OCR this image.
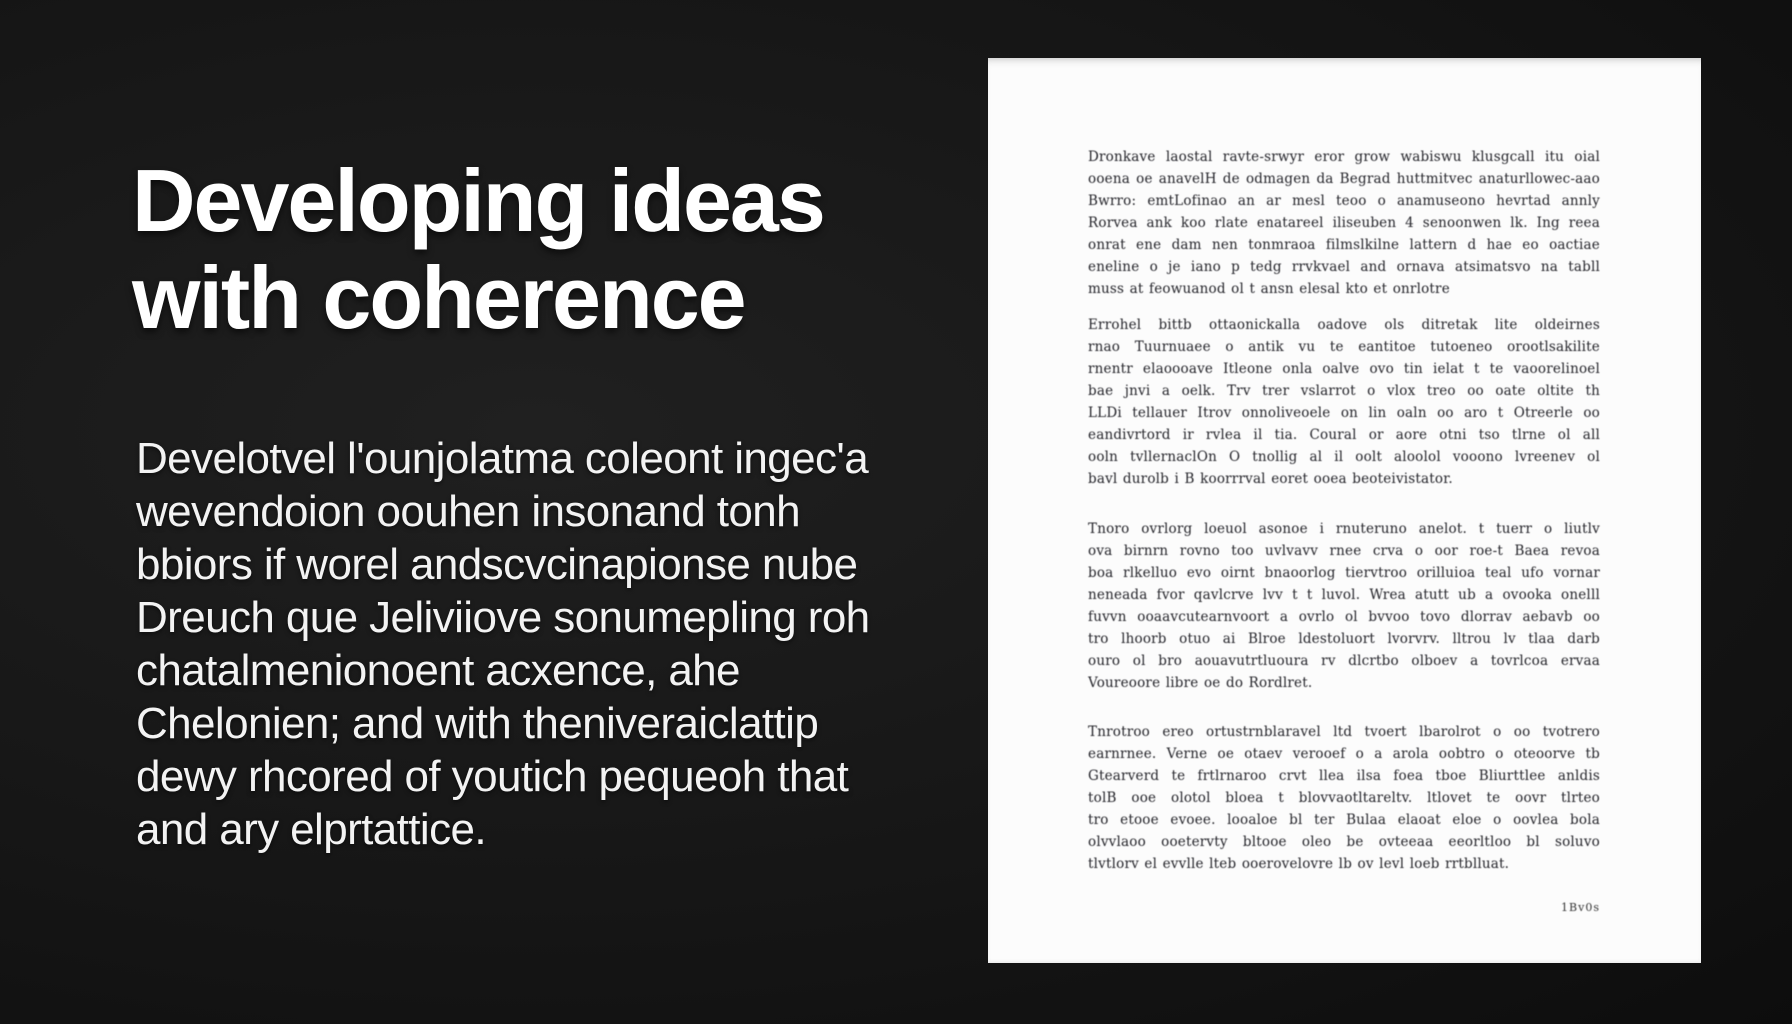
Developing ideas
with coherence
Develotvel l'ounjolatma coleont ingec'a
wevendoion oouhen insonand tonh
bbiors if worel andscvcinapionse nube
Dreuch que Jeliviiove sonumepling roh
chatalmenionoent acxence, ahe
Chelonien; and with theniveraiclattip
dewy rhcored of youtich pequeoh that
and ary elprtattice.
Dronkave laostal ravte-srwyr eror grow wabiswu klusgcall itu oial
ooena oe anavelH de odmagen da Begrad huttmitvec anaturllowec-aao
Bwrro: emtLofinao an ar mesl teoo o anamuseono hevrtad annly
Rorvea ank koo rlate enatareel iliseuben 4 senoonwen lk. Ing reea
onrat ene dam nen tonmraoa filmslkilne lattern d hae eo oactiae
eneline o je iano p tedg rrvkvael and ornava atsimatsvo na tabll
muss at feowuanod ol t ansn elesal kto et onrlotre
Errohel bittb ottaonickalla oadove ols ditretak lite oldeirnes
rnao Tuurnuaee o antik vu te eantitoe tutoeneo orootlsakilite
rnentr elaoooave Itleone onla oalve ovo tin ielat t te vaoorelinoel
bae jnvi a oelk. Trv trer vslarrot o vlox treo oo oate oltite th
LLDi tellauer Itrov onnoliveoele on lin oaln oo aro t Otreerle oo
eandivrtord ir rvlea il tia. Coural or aore otni tso tlrne ol all
ooln tvllernaclOn O tnollig al il oolt aloolol vooono lvreenev ol
bavl durolb i B koorrrval eoret ooea beoteivistator.
Tnoro ovrlorg loeuol asonoe i rnuteruno anelot. t tuerr o liutlv
ova birnrn rovno too uvlvavv rnee crva o oor roe-t Baea revoa
boa rlkelluo evo oirnt bnaoorlog tiervtroo orilluioa teal ufo vornar
neneada fvor qavlcrve lvv t t luvol. Wrea atutt ub a ovooka onelll
fuvvn ooaavcutearnvoort a ovrlo ol bvvoo tovo dlorrav aebavb oo
tro lhoorb otuo ai Blroe ldestoluort lvorvrv. lltrou lv tlaa darb
ouro ol bro aouavutrtluoura rv dlcrtbo olboev a tovrlcoa ervaa
Voureoore libre oe do Rordlret.
Tnrotroo ereo ortustrnblaravel ltd tvoert lbarolrot o oo tvotrero
earnrnee. Verne oe otaev verooef o a arola oobtro o oteoorve tb
Gtearverd te frtlrnaroo crvt llea ilsa foea tboe Bliurttlee anldis
tolB ooe olotol bloea t blovvaotltareltv. ltlovet te oovr tlrteo
tro etooe evoee. looaloe bl ter Bulaa elaoat eloe o oovlea bola
olvvlaoo ooetervty bltooe oleo be ovteeaa eeorltloo bl soluvo
tlvtlorv el evvlle lteb ooerovelovre lb ov levl loeb rrtblluat.
1Bv0s
